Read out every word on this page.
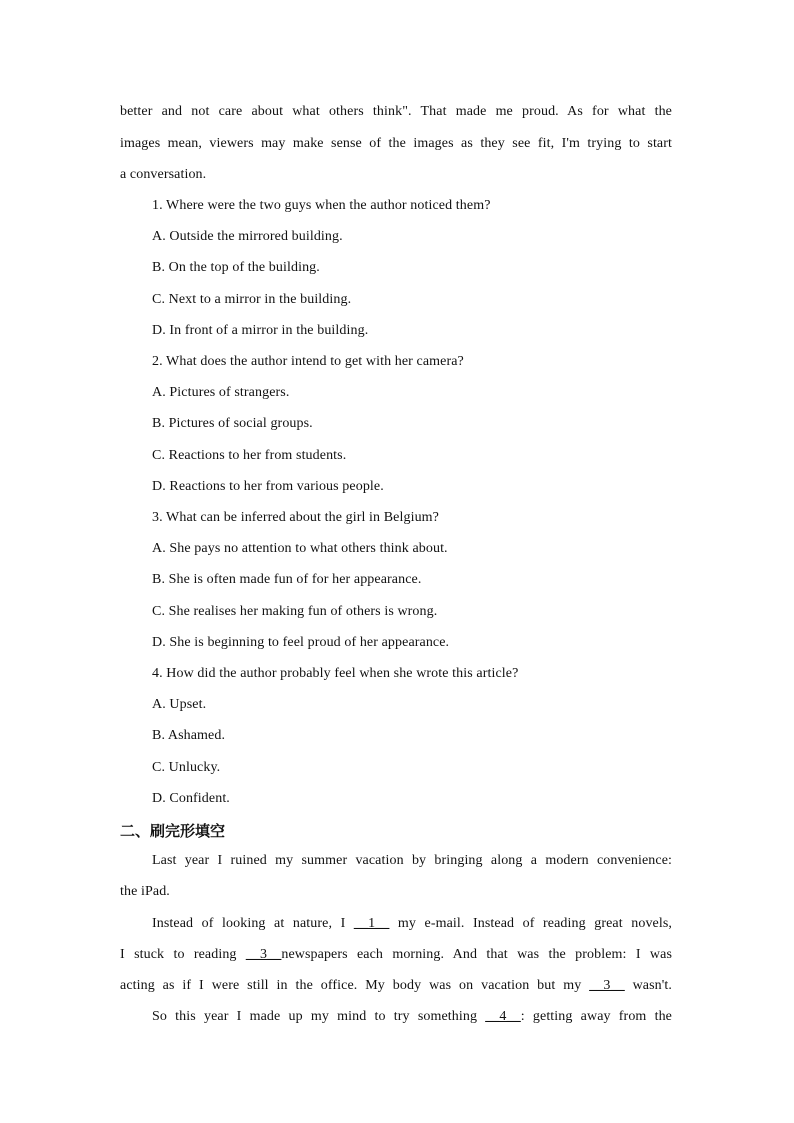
better and not care about what others think". That made me proud. As for what the
images mean, viewers may make sense of the images as they see fit, I'm trying to start
a conversation.
1. Where were the two guys when the author noticed them?
A. Outside the mirrored building.
B. On the top of the building.
C. Next to a mirror in the building.
D. In front of a mirror in the building.
2. What does the author intend to get with her camera?
A. Pictures of strangers.
B. Pictures of social groups.
C. Reactions to her from students.
D. Reactions to her from various people.
3. What can be inferred about the girl in Belgium?
A. She pays no attention to what others think about.
B. She is often made fun of for her appearance.
C. She realises her making fun of others is wrong.
D. She is beginning to feel proud of her appearance.
4. How did the author probably feel when she wrote this article?
A. Upset.
B. Ashamed.
C. Unlucky.
D. Confident.
二、刷完形填空
Last year I ruined my summer vacation by bringing along a modern convenience:
the iPad.
Instead of looking at nature, I __1__ my e-mail. Instead of reading great novels,
I stuck to reading __3__newspapers each morning. And that was the problem: I was
acting as if I were still in the office. My body was on vacation but my __3__ wasn't.
So this year I made up my mind to try something __4__: getting away from the
